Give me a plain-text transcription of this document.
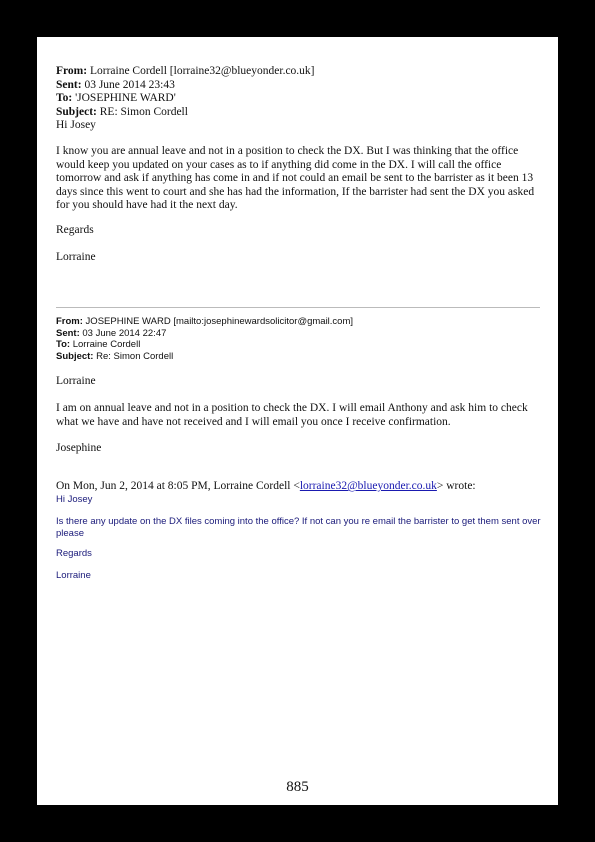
From: Lorraine Cordell [lorraine32@blueyonder.co.uk]
Sent: 03 June 2014 23:43
To: 'JOSEPHINE WARD'
Subject: RE: Simon Cordell
Hi Josey
I know you are annual leave and not in a position to check the DX. But I was thinking that the office would keep you updated on your cases as to if anything did come in the DX. I will call the office tomorrow and ask if anything has come in and if not could an email be sent to the barrister as it been 13 days since this went to court and she has had the information, If the barrister had sent the DX you asked for you should have had it the next day.
Regards
Lorraine
From: JOSEPHINE WARD [mailto:josephinewardsolicitor@gmail.com]
Sent: 03 June 2014 22:47
To: Lorraine Cordell
Subject: Re: Simon Cordell
Lorraine
I am on annual leave and not in a position to check the DX. I will email Anthony and ask him to check what we have and have not received and I will email you once I receive confirmation.
Josephine
On Mon, Jun 2, 2014 at 8:05 PM, Lorraine Cordell <lorraine32@blueyonder.co.uk> wrote:
Hi Josey
Is there any update on the DX files coming into the office? If not can you re email the barrister to get them sent over please
Regards
Lorraine
885
